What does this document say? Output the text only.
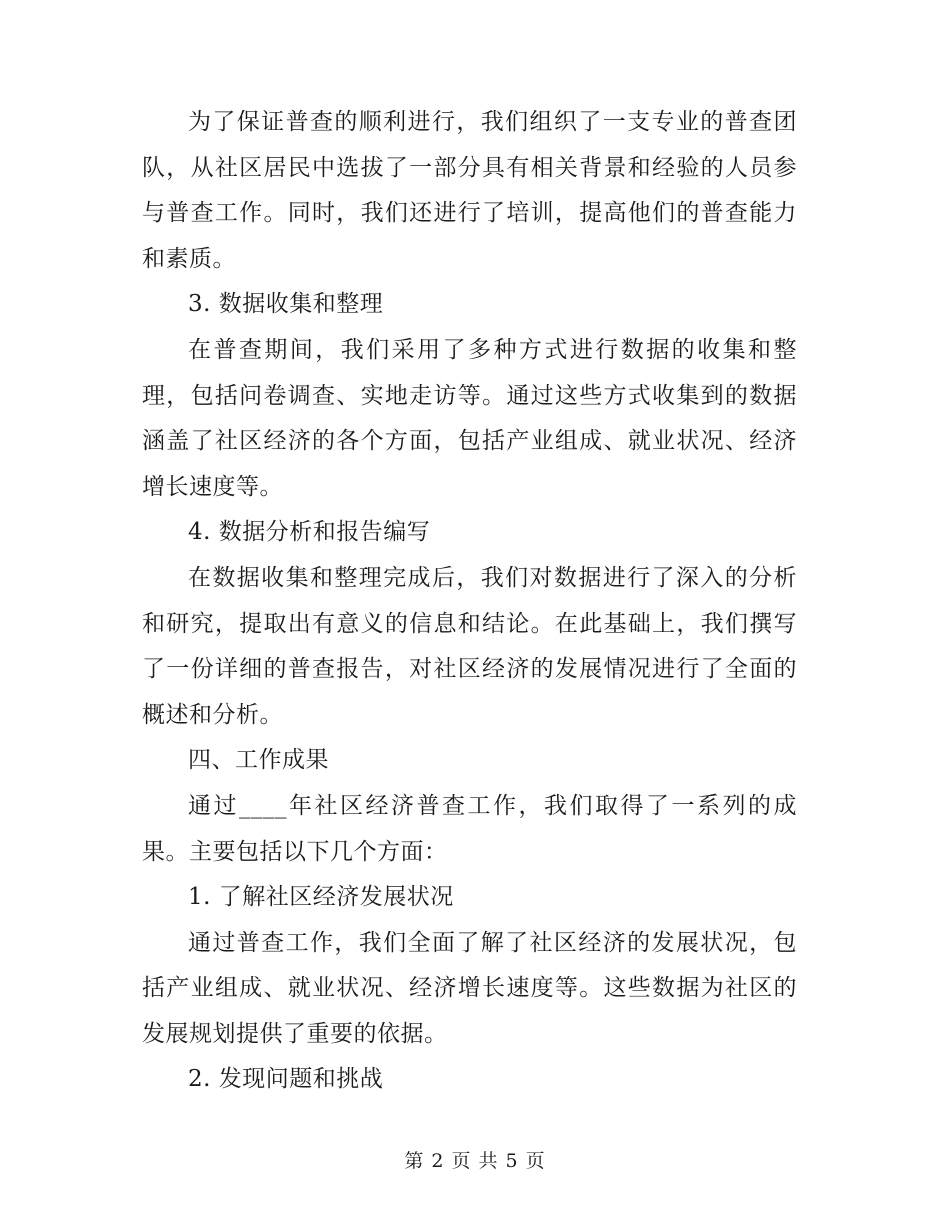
为了保证普查的顺利进行，我们组织了一支专业的普查团队，从社区居民中选拔了一部分具有相关背景和经验的人员参与普查工作。同时，我们还进行了培训，提高他们的普查能力和素质。

3. 数据收集和整理

在普查期间，我们采用了多种方式进行数据的收集和整理，包括问卷调查、实地走访等。通过这些方式收集到的数据涵盖了社区经济的各个方面，包括产业组成、就业状况、经济增长速度等。

4. 数据分析和报告编写

在数据收集和整理完成后，我们对数据进行了深入的分析和研究，提取出有意义的信息和结论。在此基础上，我们撰写了一份详细的普查报告，对社区经济的发展情况进行了全面的概述和分析。

四、工作成果

通过____年社区经济普查工作，我们取得了一系列的成果。主要包括以下几个方面：

1. 了解社区经济发展状况

通过普查工作，我们全面了解了社区经济的发展状况，包括产业组成、就业状况、经济增长速度等。这些数据为社区的发展规划提供了重要的依据。

2. 发现问题和挑战

第 2 页 共 5 页
